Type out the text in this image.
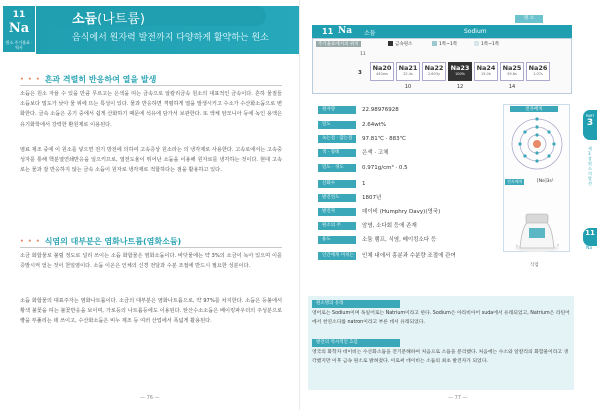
11
Na
원소 주기율표 · 역사
소듐(나트륨)
음식에서 원자력 발전까지 다양하게 활약하는 원소
• • • 흔과 격렬히 반응하여 열을 발생
소듐은 원소 자율 수 있을 만큼 무르고는 은색을 띠는 금속으로 알칼리금속 원소의 대표적인 금속이다. 흔하 물질들 소듐보다 밀도가 낮아 물 위에 뜨는 특성이 있다. 물과 반응하면 격렬하게 열을 발생시키고 수소가 수산화소듐으로 변화한다. 금속 소듐은 공기 중에서 쉽게 산화하기 때문에 석유에 담가서 보관한다. 또 액체 암모니아 등에 녹인 용액은 유기화학에서 강력한 환원제로 이용된다.
염료 제조 중에 이 원소를 넣으면 전기 방전에 의하여 고속증상 원소라는 의 냉각제로 사용한다. 고속로에서는 고속중성자를 통해 핵분열연쇄반응을 일으키므로, 열전도율이 뛰어난 소듐을 이용해 원자로를 냉각하는 것이다. 현대 고속로는 물과 잘 반응하지 않는 금속 소듐이 원자로 냉각재로 적합하다는 점을 활용하고 있다.
• • • 식염의 대부분은 염화나트륨(염화소듐)
소금 화합물로 불릴 정도로 널리 쓰이는 소듐 화합물은 염화소듐이다. 바닷물에는 약 3%의 소금이 녹아 있으며 이를 증발시켜 얻는 것이 천일염이다. 소듐 이온은 인체의 신경 전달과 수분 조절에 반드시 필요한 성분이다.
소듐 화합물의 대표주자는 염화나트륨이다. 소금의 대부분은 염화나트륨으로, 약 97%를 차지한다. 소듐은 등불에서 황색 불꽃을 띠는 불꽃반응을 보이며, 가로등의 나트륨등에도 이용된다. 탄산수소소듐은 베이킹파우더의 주성분으로 빵을 부풀리는 데 쓰이고, 수산화소듐은 비누 제조 등 여러 산업에서 폭넓게 활용된다.
— 76 —
원 소
11 Na 소듐	Sodium
주기율표에서의 위치	금속원소	1쪽~1쪽	1쪽~1쪽
11
3
Na20
440ms
Na21
22.4s
Na22
2.603y
Na23
100%
Na24
15.0h
Na25
59.6s
Na26
1.07s
10	12	14
원자량	22.98976928
밀도	2.64wt%
녹는점 · 끓는점	97.81℃ · 883℃
색 · 형태	은색 · 고체
밀도 · 경도	0.971g/cm³ · 0.5
산화수	1
발견연도	1807년
발견자	데이비 (Humphry Davy)(영국)
원소의 주	암염, 소다회 등에 존재
용도	소듐 램프, 식염, 베이킹소다 등
인간에게 미치는 영향
인체 내에서 흥분과 수분량 조절에 관여
전자배치
전자배치	[Ne]3s¹
식염
원소명의 유래
영어로는 Sodium이며 독일어로는 Natrium이라고 한다. Sodium은 아라비아어 suda에서 유래되었고, Natrium은 라틴어에서 천연소다를 natron이라고 부른 데서 유래되었다.
발견의 역사적인 흐름
영국의 화학자 데이비는 수산화소듐을 전기분해하여 처음으로 소듐을 분리했다. 처음에는 수소와 알칼리의 화합물이라고 생각했지만 이후 금속 원소로 밝혀졌다. 이로써 데이비는 소듐의 최초 발견자가 되었다.
— 77 —
PART
3
제3장 원소의 발견
11
Na
